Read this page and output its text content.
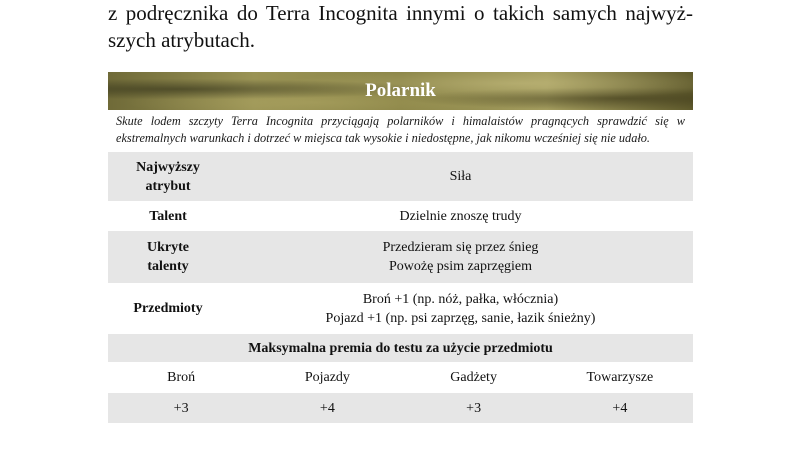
z podręcznika do Terra Incognita innymi o takich samych najwyż-
szych atrybutach.
Polarnik
Skute lodem szczyty Terra Incognita przyciągają polarników i himalaistów pragnących sprawdzić się w ekstremalnych warunkach i dotrzeć w miejsca tak wysokie i niedostępne, jak nikomu wcześniej się nie udało.
Najwyższy
atrybut	Siła

Talent	Dzielnie znoszę trudy

Ukryte
talenty	Przedzieram się przez śnieg
Powożę psim zaprzęgiem

Przedmioty	Broń +1 (np. nóż, pałka, włócznia)
Pojazd +1 (np. psi zaprzęg, sanie, łazik śnieżny)
Maksymalna premia do testu za użycie przedmiotu			
Broń	Pojazdy	Gadżety	Towarzysze
+3	+4	+3	+4
